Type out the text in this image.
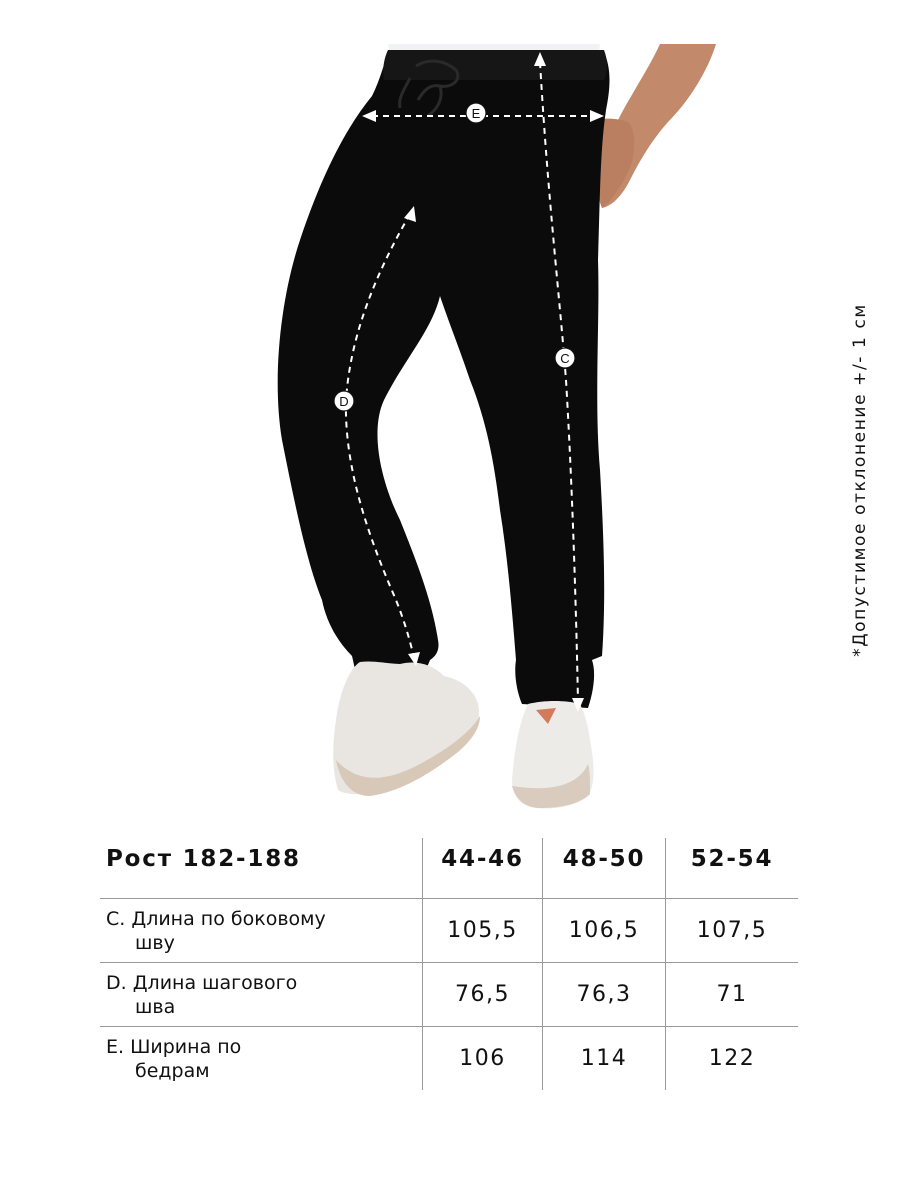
E
C
D	*Допустимое отклонение +/- 1 см
Рост 182-188	44-46	48-50	52-54
C. Длина по боковому
шву	105,5	106,5	107,5
D. Длина шагового
шва	76,5	76,3	71
E. Ширина по
бедрам	106	114	122
